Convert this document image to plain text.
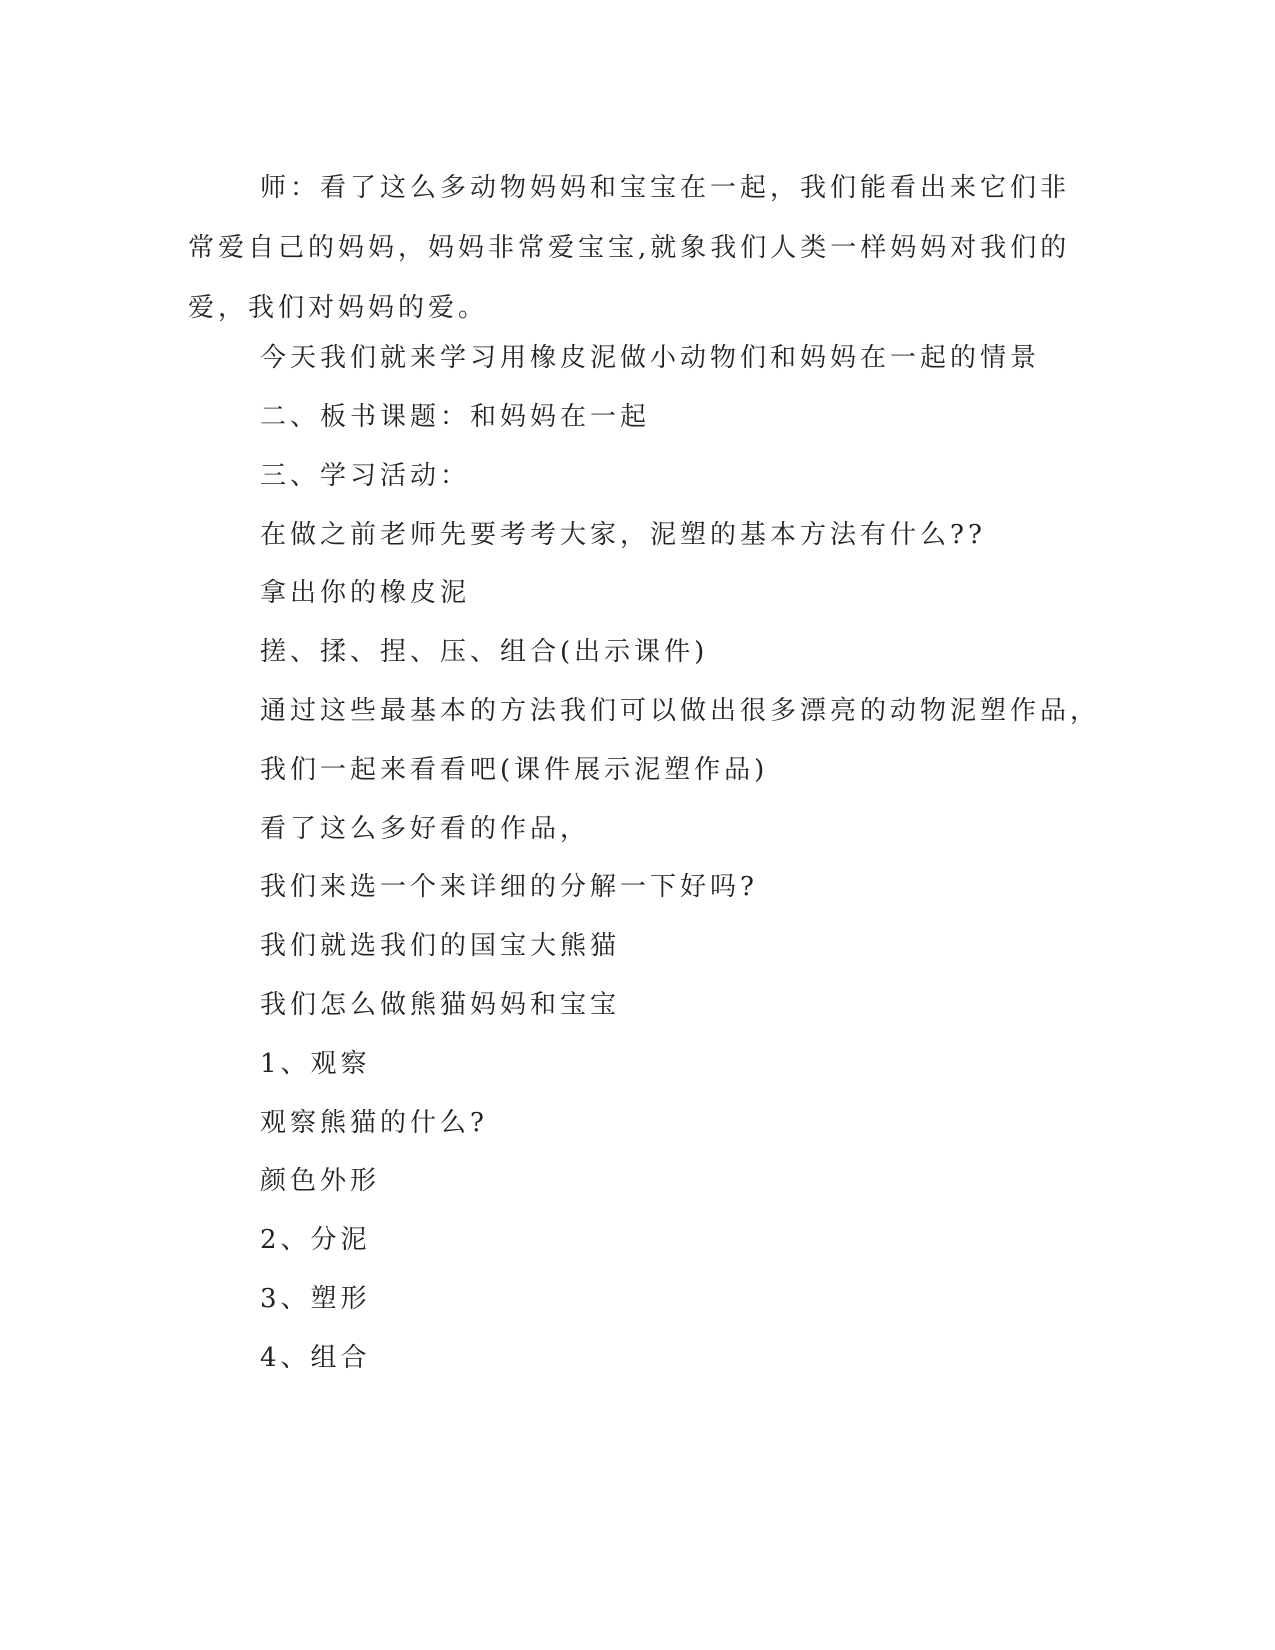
师：看了这么多动物妈妈和宝宝在一起，我们能看出来它们非常爱自己的妈妈，妈妈非常爱宝宝,就象我们人类一样妈妈对我们的爱，我们对妈妈的爱。

今天我们就来学习用橡皮泥做小动物们和妈妈在一起的情景

二、板书课题：和妈妈在一起

三、学习活动：

在做之前老师先要考考大家，泥塑的基本方法有什么??

拿出你的橡皮泥

搓、揉、捏、压、组合(出示课件)

通过这些最基本的方法我们可以做出很多漂亮的动物泥塑作品，

我们一起来看看吧(课件展示泥塑作品)

看了这么多好看的作品，

我们来选一个来详细的分解一下好吗?

我们就选我们的国宝大熊猫

我们怎么做熊猫妈妈和宝宝

1、观察

观察熊猫的什么?

颜色外形

2、分泥

3、塑形

4、组合
